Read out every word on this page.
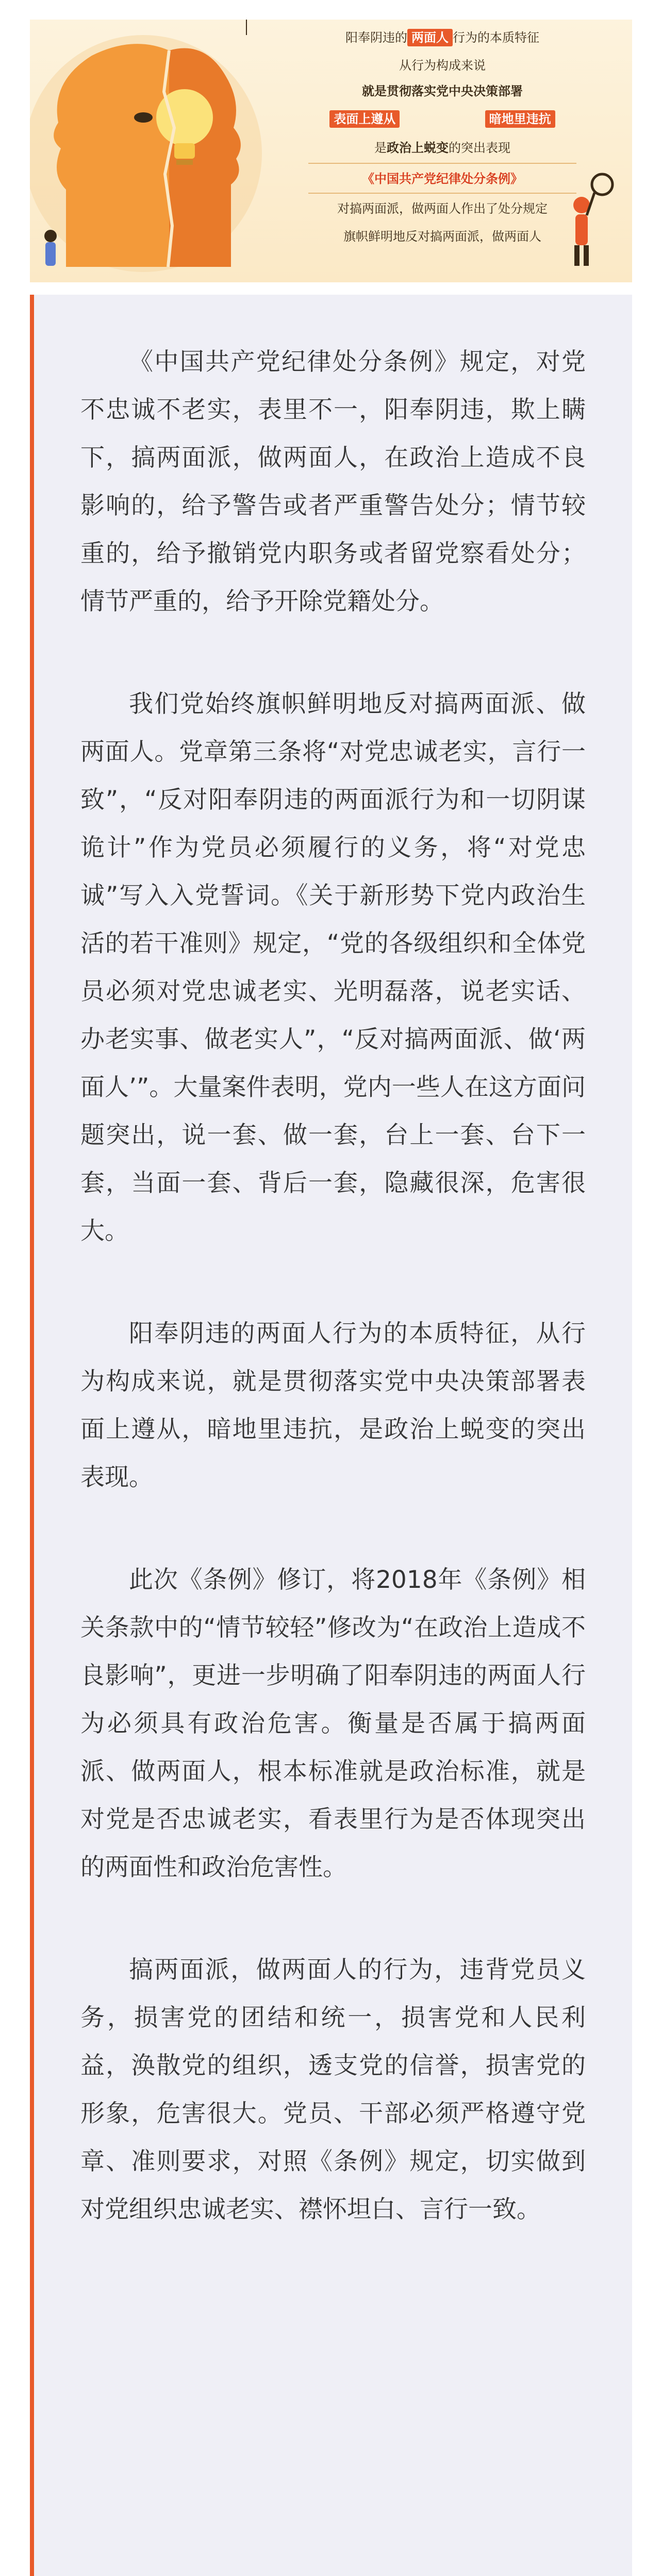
阳奉阴违的 两面人 行为的本质特征
从行为构成来说
就是贯彻落实党中央决策部署
表面上遵从	暗地里违抗
是政治上蜕变的突出表现
《中国共产党纪律处分条例》
对搞两面派，做两面人作出了处分规定
旗帜鲜明地反对搞两面派，做两面人

《中国共产党纪律处分条例》规定，对党不忠诚不老实，表里不一，阳奉阴违，欺上瞒下，搞两面派，做两面人，在政治上造成不良影响的，给予警告或者严重警告处分；情节较重的，给予撤销党内职务或者留党察看处分；情节严重的，给予开除党籍处分。

我们党始终旗帜鲜明地反对搞两面派、做两面人。党章第三条将“对党忠诚老实，言行一致”，“反对阳奉阴违的两面派行为和一切阴谋诡计”作为党员必须履行的义务，将“对党忠诚”写入入党誓词。《关于新形势下党内政治生活的若干准则》规定，“党的各级组织和全体党员必须对党忠诚老实、光明磊落，说老实话、办老实事、做老实人”，“反对搞两面派、做‘两面人’”。大量案件表明，党内一些人在这方面问题突出，说一套、做一套，台上一套、台下一套，当面一套、背后一套，隐藏很深，危害很大。

阳奉阴违的两面人行为的本质特征，从行为构成来说，就是贯彻落实党中央决策部署表面上遵从，暗地里违抗，是政治上蜕变的突出表现。

此次《条例》修订，将2018年《条例》相关条款中的“情节较轻”修改为“在政治上造成不良影响”，更进一步明确了阳奉阴违的两面人行为必须具有政治危害。衡量是否属于搞两面派、做两面人，根本标准就是政治标准，就是对党是否忠诚老实，看表里行为是否体现突出的两面性和政治危害性。

搞两面派，做两面人的行为，违背党员义务，损害党的团结和统一，损害党和人民利益，涣散党的组织，透支党的信誉，损害党的形象，危害很大。党员、干部必须严格遵守党章、准则要求，对照《条例》规定，切实做到对党组织忠诚老实、襟怀坦白、言行一致。
